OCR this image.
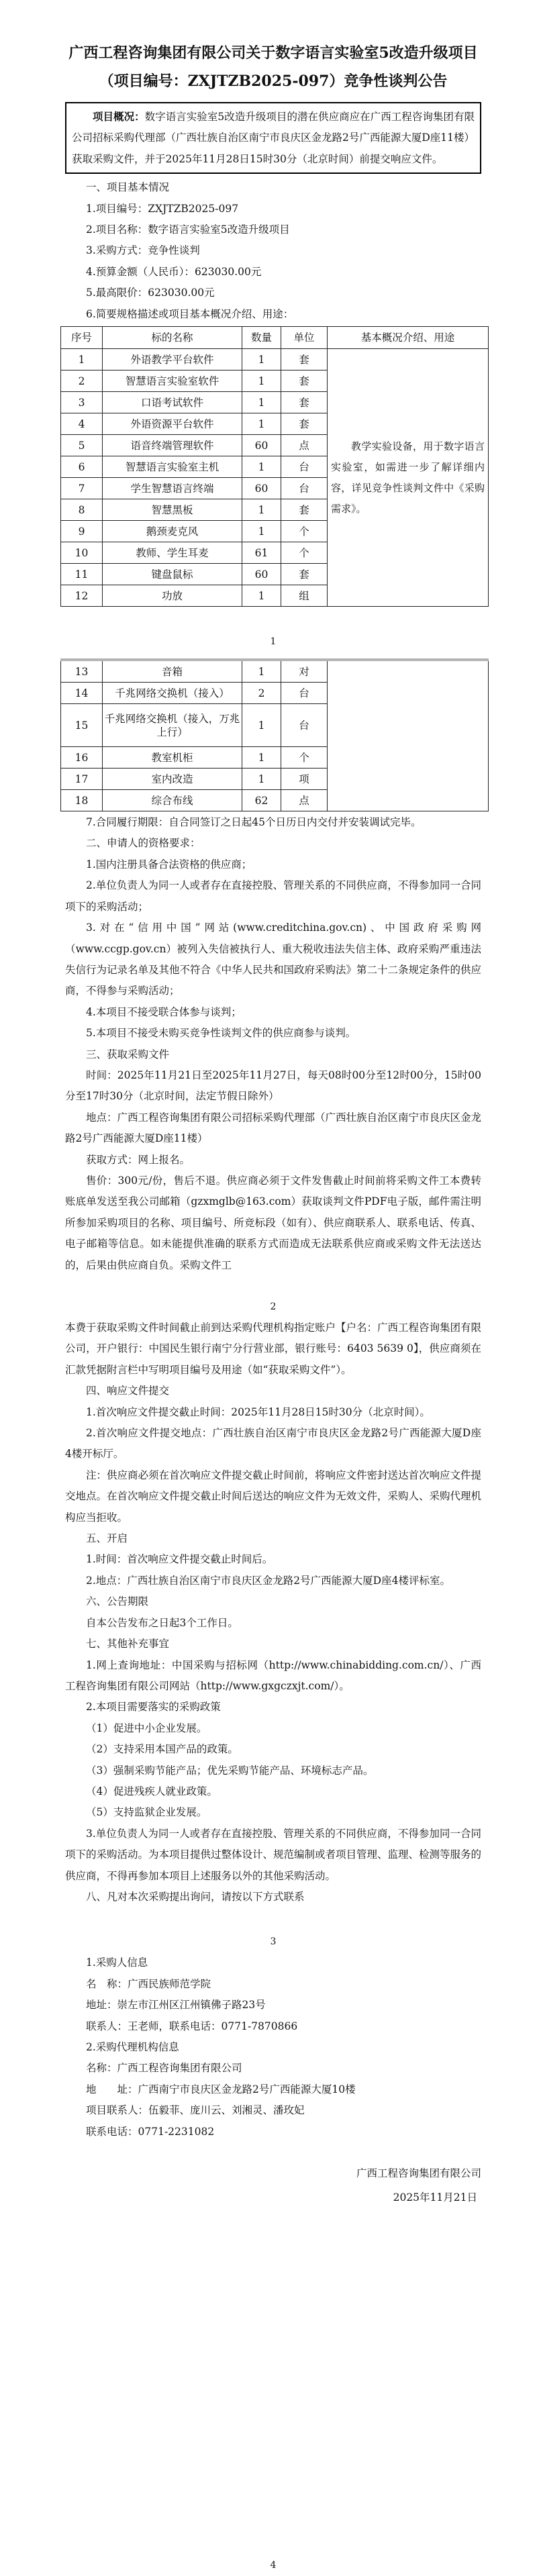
广西工程咨询集团有限公司关于数字语言实验室5改造升级项目
（项目编号：ZXJTZB2025-097）竞争性谈判公告

项目概况：数字语言实验室5改造升级项目的潜在供应商应在广西工程咨询集团有限公司招标采购代理部（广西壮族自治区南宁市良庆区金龙路2号广西能源大厦D座11楼）获取采购文件，并于2025年11月28日15时30分（北京时间）前提交响应文件。

一、项目基本情况

1.项目编号：ZXJTZB2025-097

2.项目名称：数字语言实验室5改造升级项目

3.采购方式：竞争性谈判

4.预算金额（人民币）：623030.00元

5.最高限价：623030.00元

6.简要规格描述或项目基本概况介绍、用途：

序号	标的名称	数量	单位	基本概况介绍、用途
1	外语教学平台软件	1	套	教学实验设备，用于数字语言实验室，如需进一步了解详细内容，详见竞争性谈判文件中《采购需求》。

2	智慧语言实验室软件	1	套	
3	口语考试软件	1	套	
4	外语资源平台软件	1	套	
5	语音终端管理软件	60	点	
6	智慧语言实验室主机	1	台	
7	学生智慧语言终端	60	台	
8	智慧黑板	1	套	
9	鹅颈麦克风	1	个	
10	教师、学生耳麦	61	个	
11	键盘鼠标	60	套	
12	功放	1	组	

1

13	音箱	1	对	
14	千兆网络交换机（接入）	2	台	
15	千兆网络交换机（接入，万兆上行）	1	台	
16	教室机柜	1	个	
17	室内改造	1	项	
18	综合布线	62	点	

7.合同履行期限：自合同签订之日起45个日历日内交付并安装调试完毕。

二、申请人的资格要求：

1.国内注册具备合法资格的供应商；

2.单位负责人为同一人或者存在直接控股、管理关系的不同供应商，不得参加同一合同项下的采购活动；

3.对在“信用中国”网站(www.creditchina.gov.cn)、中国政府采购网（www.ccgp.gov.cn）被列入失信被执行人、重大税收违法失信主体、政府采购严重违法失信行为记录名单及其他不符合《中华人民共和国政府采购法》第二十二条规定条件的供应商，不得参与采购活动；

4.本项目不接受联合体参与谈判；

5.本项目不接受未购买竞争性谈判文件的供应商参与谈判。

三、获取采购文件

时间：2025年11月21日至2025年11月27日，每天08时00分至12时00分，15时00分至17时30分（北京时间，法定节假日除外）

地点：广西工程咨询集团有限公司招标采购代理部（广西壮族自治区南宁市良庆区金龙路2号广西能源大厦D座11楼）

获取方式：网上报名。

售价：300元/份，售后不退。供应商必须于文件发售截止时间前将采购文件工本费转账底单发送至我公司邮箱（gzxmglb@163.com）获取谈判文件PDF电子版，邮件需注明所参加采购项目的名称、项目编号、所竞标段（如有）、供应商联系人、联系电话、传真、电子邮箱等信息。如未能提供准确的联系方式而造成无法联系供应商或采购文件无法送达的，后果由供应商自负。采购文件工

2

本费于获取采购文件时间截止前到达采购代理机构指定账户【户名：广西工程咨询集团有限公司，开户银行：中国民生银行南宁分行营业部，银行账号：6403 5639 0】，供应商须在汇款凭据附言栏中写明项目编号及用途（如“获取采购文件”）。

四、响应文件提交

1.首次响应文件提交截止时间：2025年11月28日15时30分（北京时间）。

2.首次响应文件提交地点：广西壮族自治区南宁市良庆区金龙路2号广西能源大厦D座4楼开标厅。

注：供应商必须在首次响应文件提交截止时间前，将响应文件密封送达首次响应文件提交地点。在首次响应文件提交截止时间后送达的响应文件为无效文件，采购人、采购代理机构应当拒收。

五、开启

1.时间：首次响应文件提交截止时间后。

2.地点：广西壮族自治区南宁市良庆区金龙路2号广西能源大厦D座4楼评标室。

六、公告期限

自本公告发布之日起3个工作日。

七、其他补充事宜

1.网上查询地址：中国采购与招标网（http://www.chinabidding.com.cn/）、广西工程咨询集团有限公司网站（http://www.gxgczxjt.com/）。

2.本项目需要落实的采购政策

（1）促进中小企业发展。

（2）支持采用本国产品的政策。

（3）强制采购节能产品；优先采购节能产品、环境标志产品。

（4）促进残疾人就业政策。

（5）支持监狱企业发展。

3.单位负责人为同一人或者存在直接控股、管理关系的不同供应商，不得参加同一合同项下的采购活动。为本项目提供过整体设计、规范编制或者项目管理、监理、检测等服务的供应商，不得再参加本项目上述服务以外的其他采购活动。

八、凡对本次采购提出询问，请按以下方式联系

3

1.采购人信息

名　称：广西民族师范学院

地址：崇左市江州区江州镇佛子路23号

联系人：王老师，联系电话：0771-7870866

2.采购代理机构信息

名称：广西工程咨询集团有限公司

地　　址：广西南宁市良庆区金龙路2号广西能源大厦10楼

项目联系人：伍毅菲、庞川云、刘湘灵、潘玫妃

联系电话：0771-2231082

广西工程咨询集团有限公司
2025年11月21日

4
